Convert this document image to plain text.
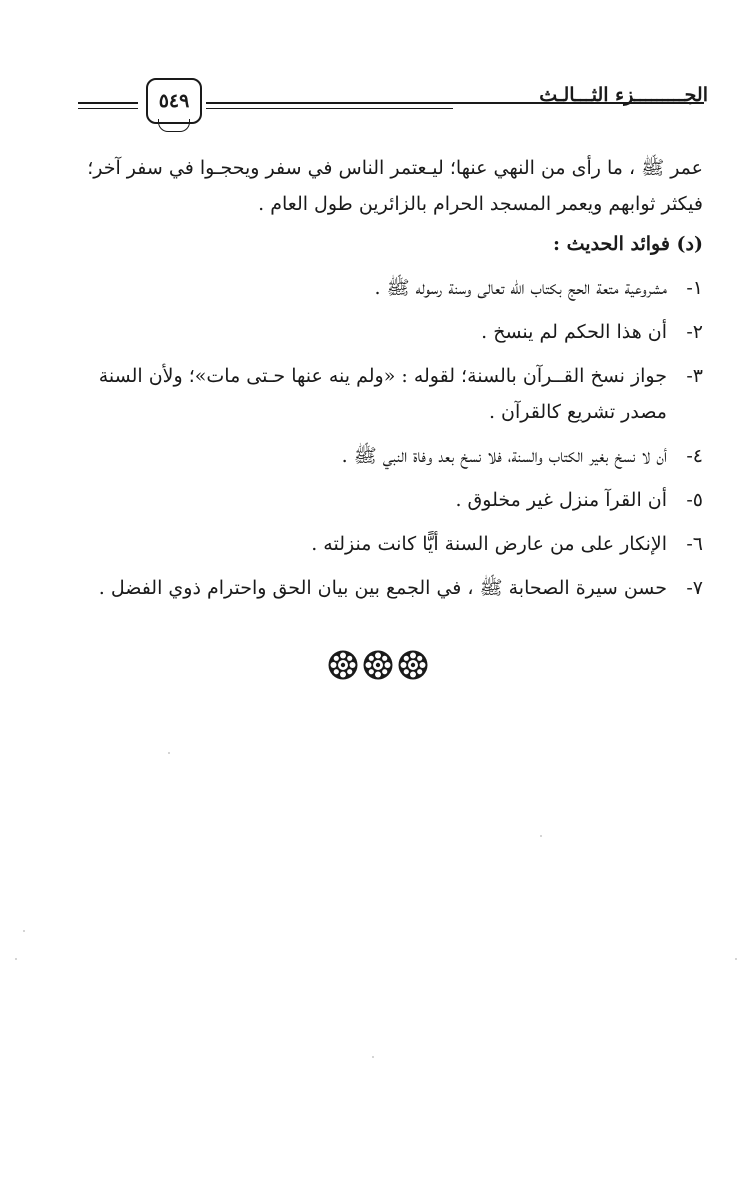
الجـــــــــزء الثـــالـث
٥٤٩

عمر ﷺ ، ما رأى من النهي عنها؛ ليـعتمر الناس في سفر ويحجـوا في سفر آخر؛
فيكثر ثوابهم ويعمر المسجد الحرام بالزائرين طول العام .

(د) فوائد الحديث :

١-
مشروعية متعة الحج بكتاب الله تعالى وسنة رسوله ﷺ .
٢-
أن هذا الحكم لم ينسخ .
٣-
جواز نسخ القــرآن بالسنة؛ لقوله : «ولم ينه عنها حـتى مات»؛ ولأن السنة مصدر تشريع كالقرآن .
٤-
أن لا نسخ بغير الكتاب والسنة، فلا نسخ بعد وفاة النبي ﷺ .
٥-
أن القرآ منزل غير مخلوق .
٦-
الإنكار على من عارض السنة أيًّا كانت منزلته .
٧-
حسن سيرة الصحابة ﷺ ، في الجمع بين بيان الحق واحترام ذوي الفضل .
